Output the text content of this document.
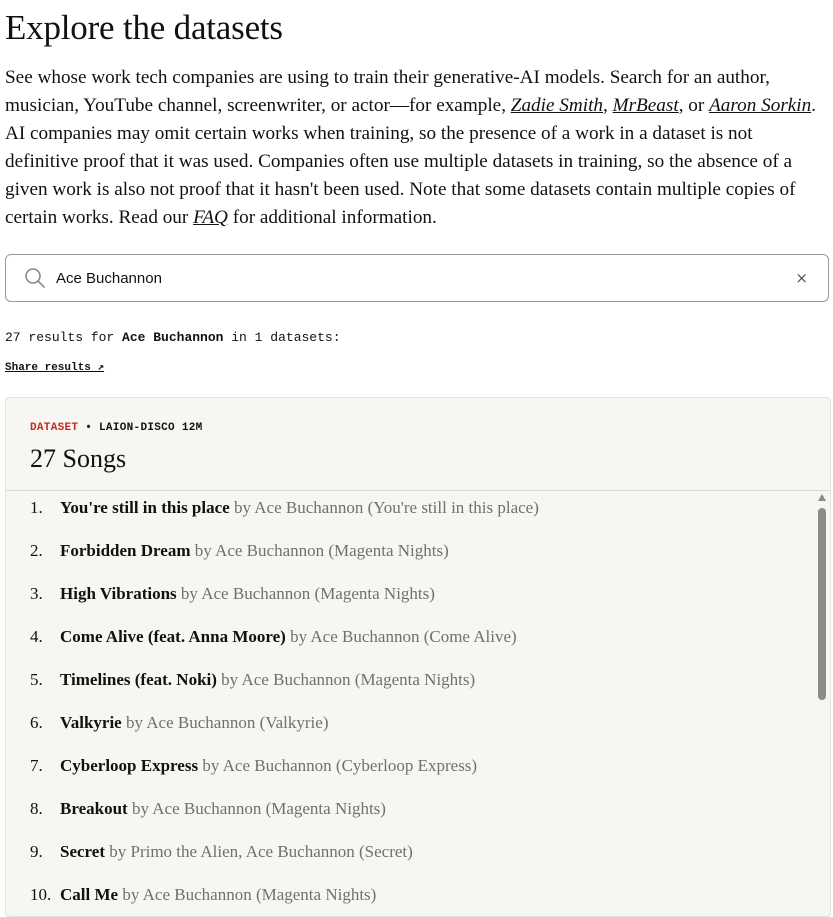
Explore the datasets

See whose work tech companies are using to train their generative-AI models. Search for an author, musician, YouTube channel, screenwriter, or actor—for example, Zadie Smith, MrBeast, or Aaron Sorkin. AI companies may omit certain works when training, so the presence of a work in a dataset is not definitive proof that it was used. Companies often use multiple datasets in training, so the absence of a given work is also not proof that it hasn't been used. Note that some datasets contain multiple copies of certain works. Read our FAQ for additional information.

Ace Buchannon
×
27 results for Ace Buchannon in 1 datasets:
Share results ↗
DATASET • LAION-DISCO 12M
27 Songs
1. You're still in this place by Ace Buchannon (You're still in this place)
2. Forbidden Dream by Ace Buchannon (Magenta Nights)
3. High Vibrations by Ace Buchannon (Magenta Nights)
4. Come Alive (feat. Anna Moore) by Ace Buchannon (Come Alive)
5. Timelines (feat. Noki) by Ace Buchannon (Magenta Nights)
6. Valkyrie by Ace Buchannon (Valkyrie)
7. Cyberloop Express by Ace Buchannon (Cyberloop Express)
8. Breakout by Ace Buchannon (Magenta Nights)
9. Secret by Primo the Alien, Ace Buchannon (Secret)
10. Call Me by Ace Buchannon (Magenta Nights)
